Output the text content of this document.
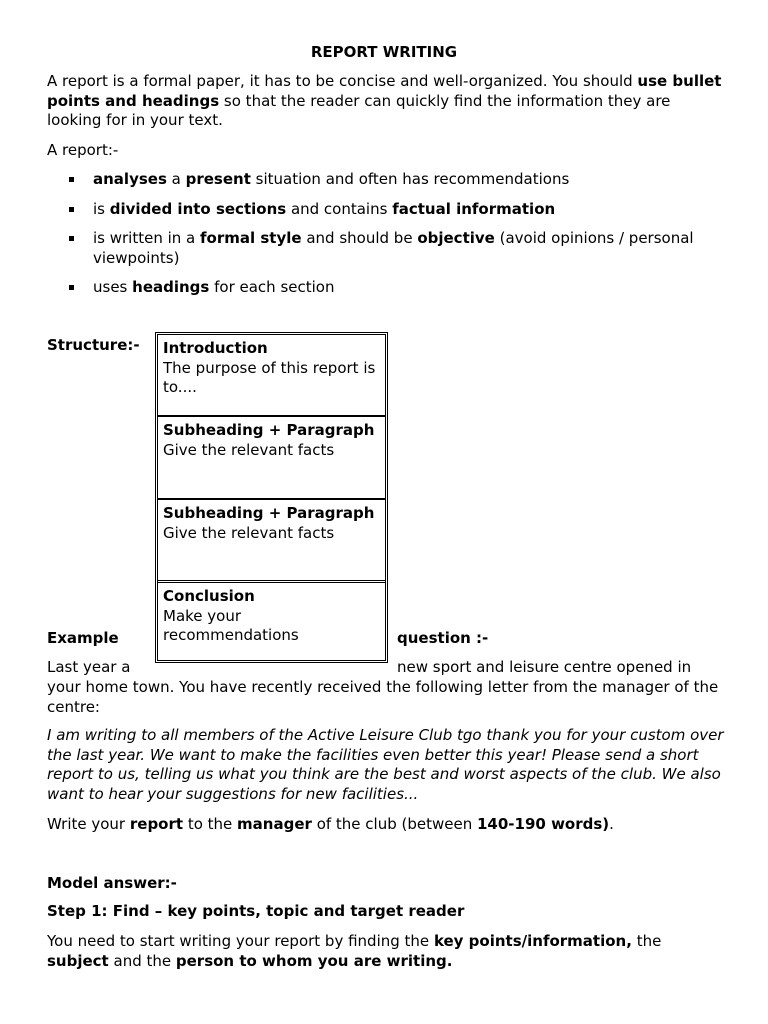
REPORT WRITING
A report is a formal paper, it has to be concise and well-organized. You should use bullet points and headings so that the reader can quickly find the information they are looking for in your text.
A report:-
analyses a present situation and often has recommendations
is divided into sections and contains factual information
is written in a formal style and should be objective (avoid opinions / personal viewpoints)
uses headings for each section
Structure:- Introduction
The purpose of this report is to....
Subheading + Paragraph
Give the relevant facts
Subheading + Paragraph
Give the relevant facts
Conclusion
Make your recommendations
Example	question :-
Last year a	new sport and leisure centre opened in
your home town. You have recently received the following letter from the manager of the centre:
I am writing to all members of the Active Leisure Club tgo thank you for your custom over the last year. We want to make the facilities even better this year! Please send a short report to us, telling us what you think are the best and worst aspects of the club. We also want to hear your suggestions for new facilities...
Write your report to the manager of the club (between 140-190 words).
Model answer:-
Step 1: Find – key points, topic and target reader
You need to start writing your report by finding the key points/information, the subject and the person to whom you are writing.
